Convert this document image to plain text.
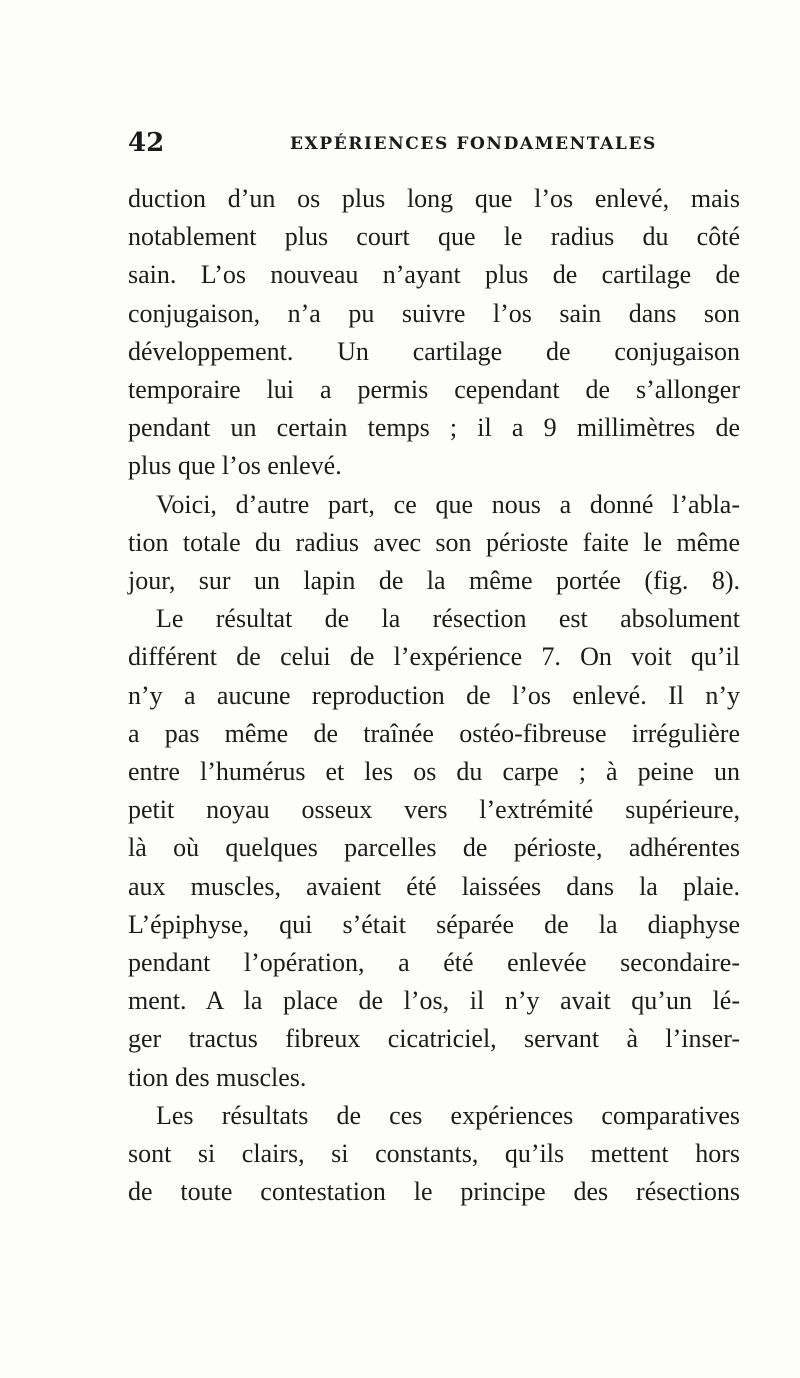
42	EXPÉRIENCES FONDAMENTALES

duction d’un os plus long que l’os enlevé, mais
notablement plus court que le radius du côté
sain. L’os nouveau n’ayant plus de cartilage de
conjugaison, n’a pu suivre l’os sain dans son
développement. Un cartilage de conjugaison
temporaire lui a permis cependant de s’allonger
pendant un certain temps ; il a 9 millimètres de
plus que l’os enlevé.

Voici, d’autre part, ce que nous a donné l’abla-
tion totale du radius avec son périoste faite le même
jour, sur un lapin de la même portée (fig. 8).

Le résultat de la résection est absolument
différent de celui de l’expérience 7. On voit qu’il
n’y a aucune reproduction de l’os enlevé. Il n’y
a pas même de traînée ostéo-fibreuse irrégulière
entre l’humérus et les os du carpe ; à peine un
petit noyau osseux vers l’extrémité supérieure,
là où quelques parcelles de périoste, adhérentes
aux muscles, avaient été laissées dans la plaie.
L’épiphyse, qui s’était séparée de la diaphyse
pendant l’opération, a été enlevée secondaire-
ment. A la place de l’os, il n’y avait qu’un lé-
ger tractus fibreux cicatriciel, servant à l’inser-
tion des muscles.

Les résultats de ces expériences comparatives
sont si clairs, si constants, qu’ils mettent hors
de toute contestation le principe des résections
